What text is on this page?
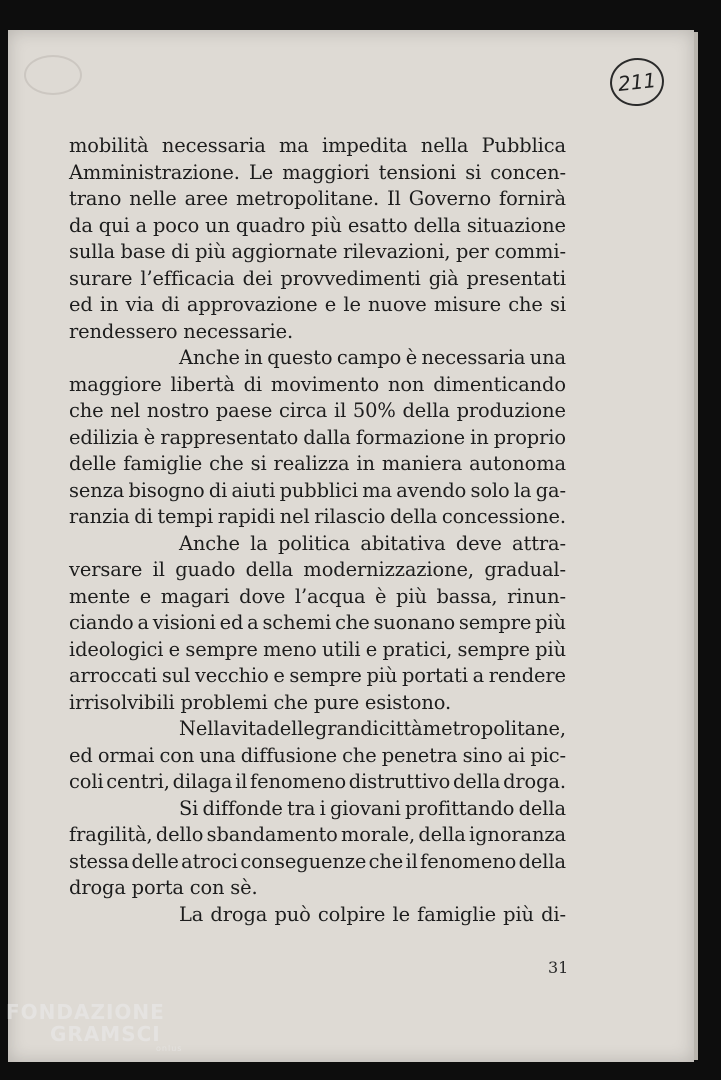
211
mobilità necessaria ma impedita nella Pubblica
Amministrazione. Le maggiori tensioni si concen-
trano nelle aree metropolitane. Il Governo fornirà
da qui a poco un quadro più esatto della situazione
sulla base di più aggiornate rilevazioni, per commi-
surare l’efficacia dei provvedimenti già presentati
ed in via di approvazione e le nuove misure che si
rendessero necessarie.
Anche in questo campo è necessaria una
maggiore libertà di movimento non dimenticando
che nel nostro paese circa il 50% della produzione
edilizia è rappresentato dalla formazione in proprio
delle famiglie che si realizza in maniera autonoma
senza bisogno di aiuti pubblici ma avendo solo la ga-
ranzia di tempi rapidi nel rilascio della concessione.
Anche la politica abitativa deve attra-
versare il guado della modernizzazione, gradual-
mente e magari dove l’acqua è più bassa, rinun-
ciando a visioni ed a schemi che suonano sempre più
ideologici e sempre meno utili e pratici, sempre più
arroccati sul vecchio e sempre più portati a rendere
irrisolvibili problemi che pure esistono.
Nella vita delle grandi città metropolitane,
ed ormai con una diffusione che penetra sino ai pic-
coli centri, dilaga il fenomeno distruttivo della droga.
Si diffonde tra i giovani profittando della
fragilità, dello sbandamento morale, della ignoranza
stessa delle atroci conseguenze che il fenomeno della
droga porta con sè.
La droga può colpire le famiglie più di-
31
FONDAZIONE
GRAMSCI
onlus
